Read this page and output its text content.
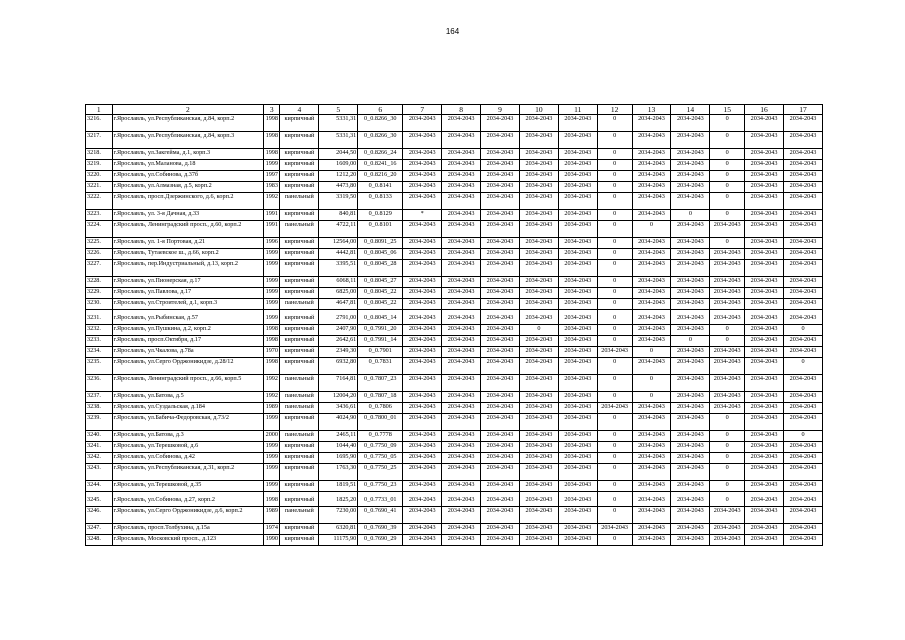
164
1	2	3	4	5	6	7	8	9	10	11	12	13	14	15	16	17
3216.	г.Ярославль, ул.Республиканская, д.84, корп.2	1998	кирпичный	5331,31	0_0.8266_30	2034-2043	2034-2043	2034-2043	2034-2043	2034-2043	0	2034-2043	2034-2043	0	2034-2043	2034-2043
3217.	г.Ярославль, ул.Республиканская, д.84, корп.3	1998	кирпичный	5331,31	0_0.8266_30	2034-2043	2034-2043	2034-2043	2034-2043	2034-2043	0	2034-2043	2034-2043	0	2034-2043	2034-2043
3218.	г.Ярославль, ул.Закгейма, д.1, корп.3	1998	кирпичный	2044,50	0_0.8266_24	2034-2043	2034-2043	2034-2043	2034-2043	2034-2043	0	2034-2043	2034-2043	0	2034-2043	2034-2043
3219.	г.Ярославль, ул.Маланова, д.18	1999	кирпичный	1609,00	0_0.8241_16	2034-2043	2034-2043	2034-2043	2034-2043	2034-2043	0	2034-2043	2034-2043	0	2034-2043	2034-2043
3220.	г.Ярославль, ул.Собинова, д.37б	1997	кирпичный	1212,20	0_0.8216_20	2034-2043	2034-2043	2034-2043	2034-2043	2034-2043	0	2034-2043	2034-2043	0	2034-2043	2034-2043
3221.	г.Ярославль, ул.Алмазная, д.5, корп.2	1983	кирпичный	4473,80	0_0.8141	2034-2043	2034-2043	2034-2043	2034-2043	2034-2043	0	2034-2043	2034-2043	0	2034-2043	2034-2043
3222.	г.Ярославль, просп.Дзержинского, д.6, корп.2	1992	панельный	3319,50	0_0.8133	2034-2043	2034-2043	2034-2043	2034-2043	2034-2043	0	2034-2043	2034-2043	0	2034-2043	2034-2043
3223.	г.Ярославль, ул. 3-я Дачная, д.33	1991	кирпичный	840,81	0_0.8129	*	2034-2043	2034-2043	2034-2043	2034-2043	0	2034-2043	0	0	2034-2043	2034-2043
3224.	г.Ярославль, Ленинградский просп., д.60, корп.2	1991	панельный	4722,11	0_0.8101	2034-2043	2034-2043	2034-2043	2034-2043	2034-2043	0	0	2034-2043	2034-2043	2034-2043	2034-2043
3225.	г.Ярославль, ул. 1-я Портовая, д.21	1996	кирпичный	12564,00	0_0.8091_25	2034-2043	2034-2043	2034-2043	2034-2043	2034-2043	0	2034-2043	2034-2043	0	2034-2043	2034-2043
3226.	г.Ярославль, Тутаевское ш., д.66, корп.2	1999	кирпичный	4442,81	0_0.8045_06	2034-2043	2034-2043	2034-2043	2034-2043	2034-2043	0	2034-2043	2034-2043	2034-2043	2034-2043	2034-2043
3227.	г.Ярославль, пер.Индустриальный, д.13, корп.2	1999	кирпичный	3395,51	0_0.8045_28	2034-2043	2034-2043	2034-2043	2034-2043	2034-2043	0	2034-2043	2034-2043	2034-2043	2034-2043	2034-2043
3228.	г.Ярославль, ул.Пионерская, д.17	1999	кирпичный	6068,11	0_0.8045_27	2034-2043	2034-2043	2034-2043	2034-2043	2034-2043	0	2034-2043	2034-2043	2034-2043	2034-2043	2034-2043
3229.	г.Ярославль, ул.Павлова, д.17	1999	кирпичный	6825,00	0_0.8045_22	2034-2043	2034-2043	2034-2043	2034-2043	2034-2043	0	2034-2043	2034-2043	2034-2043	2034-2043	2034-2043
3230.	г.Ярославль, ул.Строителей, д.1, корп.3	1999	панельный	4647,81	0_0.8045_22	2034-2043	2034-2043	2034-2043	2034-2043	2034-2043	0	2034-2043	2034-2043	2034-2043	2034-2043	2034-2043
3231.	г.Ярославль, ул.Рыбинская, д.57	1999	кирпичный	2791,00	0_0.8045_14	2034-2043	2034-2043	2034-2043	2034-2043	2034-2043	0	2034-2043	2034-2043	2034-2043	2034-2043	2034-2043
3232.	г.Ярославль, ул.Пушкина, д.2, корп.2	1998	кирпичный	2407,90	0_0.7991_20	2034-2043	2034-2043	2034-2043	0	2034-2043	0	2034-2043	2034-2043	0	2034-2043	0
3233.	г.Ярославль, просп.Октября, д.17	1998	кирпичный	2642,61	0_0.7991_14	2034-2043	2034-2043	2034-2043	2034-2043	2034-2043	0	2034-2043	0	0	2034-2043	2034-2043
3234.	г.Ярославль, ул.Чкалова, д.78а	1970	кирпичный	2349,30	0_0.7901	2034-2043	2034-2043	2034-2043	2034-2043	2034-2043	2034-2043	0	2034-2043	2034-2043	2034-2043	2034-2043
3235.	г.Ярославль, ул.Серго Орджоникидзе, д.28/12	1998	кирпичный	6932,80	0_0.7831	2034-2043	2034-2043	2034-2043	2034-2043	2034-2043	0	2034-2043	2034-2043	2034-2043	2034-2043	0
3236.	г.Ярославль, Ленинградский просп., д.66, корп.5	1992	панельный	7164,81	0_0.7807_23	2034-2043	2034-2043	2034-2043	2034-2043	2034-2043	0	0	2034-2043	2034-2043	2034-2043	2034-2043
3237.	г.Ярославль, ул.Батова, д.5	1992	панельный	12004,20	0_0.7807_18	2034-2043	2034-2043	2034-2043	2034-2043	2034-2043	0	0	2034-2043	2034-2043	2034-2043	2034-2043
3238.	г.Ярославль, ул.Суздальская, д.184	1989	панельный	3436,61	0_0.7806	2034-2043	2034-2043	2034-2043	2034-2043	2034-2043	2034-2043	2034-2043	2034-2043	2034-2043	2034-2043	2034-2043
3239.	г.Ярославль, ул.Бабича-Федоровская, д.73/2	1999	кирпичный	4024,90	0_0.7800_01	2034-2043	2034-2043	2034-2043	2034-2043	2034-2043	0	2034-2043	2034-2043	0	2034-2043	2034-2043
3240.	г.Ярославль, ул.Батова, д.3	2000	панельный	2465,11	0_0.7778	2034-2043	2034-2043	2034-2043	2034-2043	2034-2043	0	2034-2043	2034-2043	0	2034-2043	0
3241.	г.Ярославль, ул.Терешковой, д.6	1999	кирпичный	1044,40	0_0.7750_09	2034-2043	2034-2043	2034-2043	2034-2043	2034-2043	0	2034-2043	2034-2043	0	2034-2043	2034-2043
3242.	г.Ярославль, ул.Собинова, д.42	1999	кирпичный	1695,90	0_0.7750_05	2034-2043	2034-2043	2034-2043	2034-2043	2034-2043	0	2034-2043	2034-2043	0	2034-2043	2034-2043
3243.	г.Ярославль, ул.Республиканская, д.31, корп.2	1999	кирпичный	1763,30	0_0.7750_25	2034-2043	2034-2043	2034-2043	2034-2043	2034-2043	0	2034-2043	2034-2043	0	2034-2043	2034-2043
3244.	г.Ярославль, ул.Терешковой, д.35	1999	кирпичный	1819,51	0_0.7750_23	2034-2043	2034-2043	2034-2043	2034-2043	2034-2043	0	2034-2043	2034-2043	0	2034-2043	2034-2043
3245.	г.Ярославль, ул.Собинова, д.27, корп.2	1998	кирпичный	1825,20	0_0.7733_01	2034-2043	2034-2043	2034-2043	2034-2043	2034-2043	0	2034-2043	2034-2043	0	2034-2043	2034-2043
3246.	г.Ярославль, ул.Серго Орджоникидзе, д.6, корп.2	1989	панельный	7230,00	0_0.7690_41	2034-2043	2034-2043	2034-2043	2034-2043	2034-2043	0	2034-2043	2034-2043	2034-2043	2034-2043	2034-2043
3247.	г.Ярославль, просп.Толбухина, д.15а	1974	кирпичный	6320,81	0_0.7690_39	2034-2043	2034-2043	2034-2043	2034-2043	2034-2043	2034-2043	2034-2043	2034-2043	2034-2043	2034-2043	2034-2043
3248.	г.Ярославль, Московский просп., д.123	1990	кирпичный	11175,90	0_0.7690_29	2034-2043	2034-2043	2034-2043	2034-2043	2034-2043	0	2034-2043	2034-2043	2034-2043	2034-2043	2034-2043
